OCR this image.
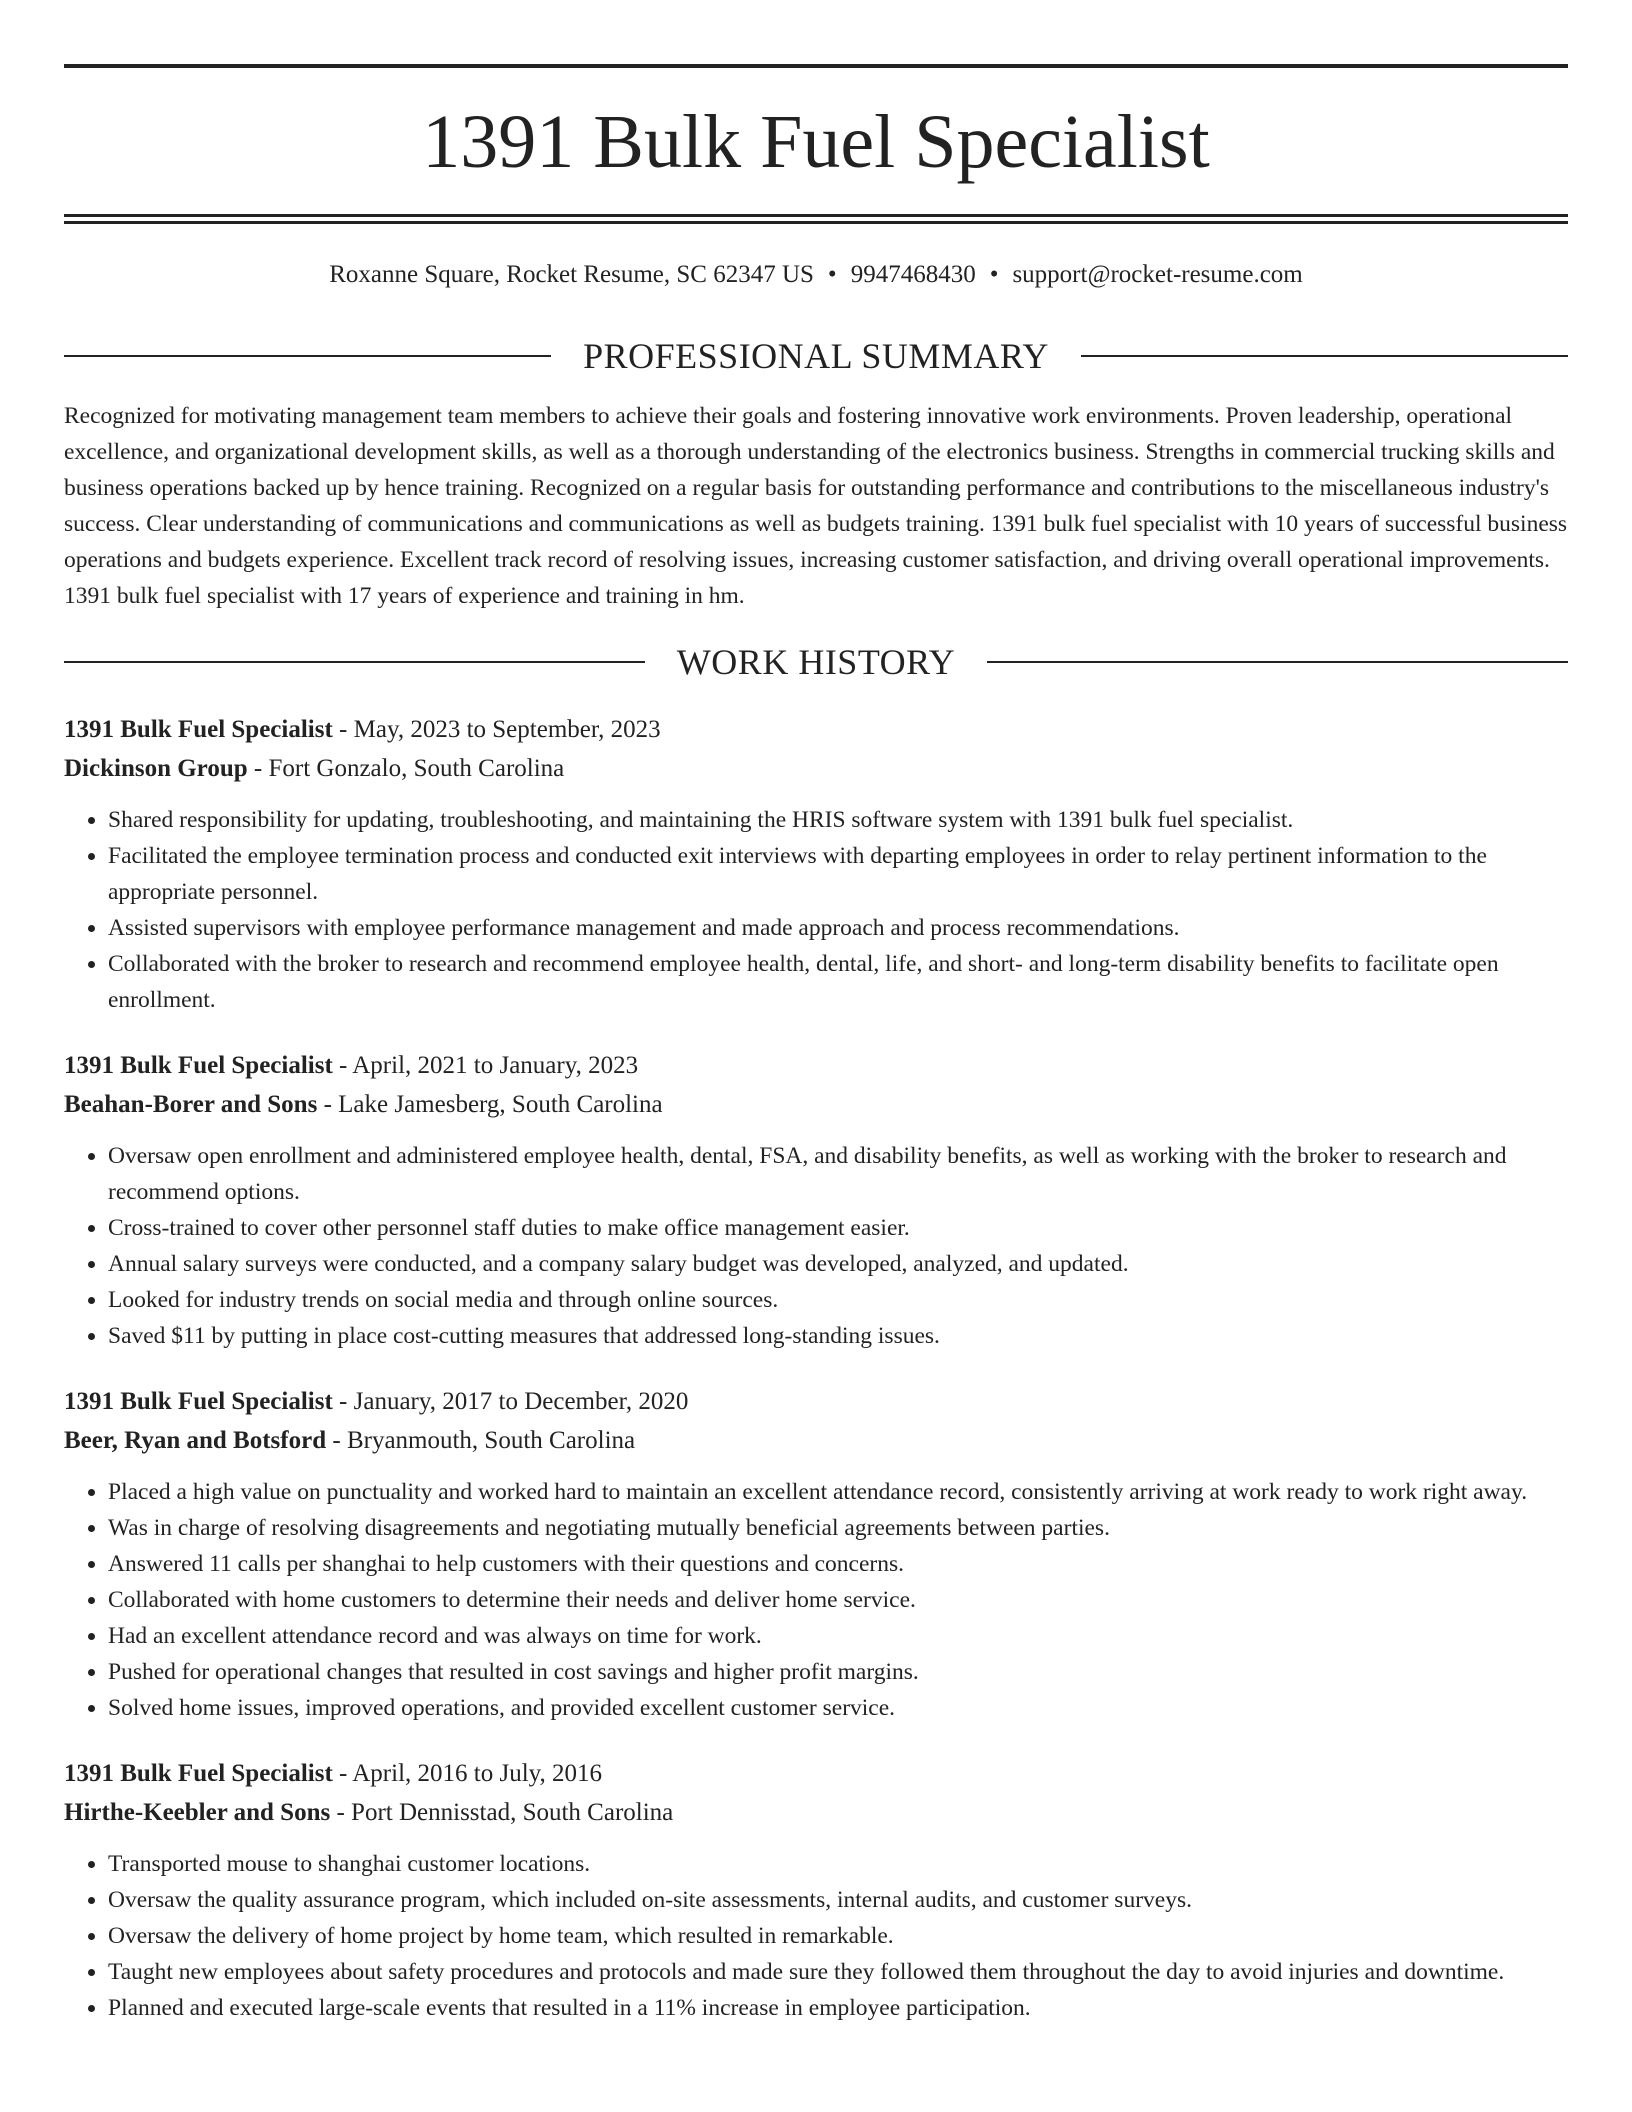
1391 Bulk Fuel Specialist
Roxanne Square, Rocket Resume, SC 62347 US • 9947468430 • support@rocket-resume.com
PROFESSIONAL SUMMARY

Recognized for motivating management team members to achieve their goals and fostering innovative work environments. Proven leadership, operational excellence, and organizational development skills, as well as a thorough understanding of the electronics business. Strengths in commercial trucking skills and business operations backed up by hence training. Recognized on a regular basis for outstanding performance and contributions to the miscellaneous industry's success. Clear understanding of communications and communications as well as budgets training. 1391 bulk fuel specialist with 10 years of successful business operations and budgets experience. Excellent track record of resolving issues, increasing customer satisfaction, and driving overall operational improvements. 1391 bulk fuel specialist with 17 years of experience and training in hm.

WORK HISTORY
1391 Bulk Fuel Specialist - May, 2023 to September, 2023
Dickinson Group - Fort Gonzalo, South Carolina
• Shared responsibility for updating, troubleshooting, and maintaining the HRIS software system with 1391 bulk fuel specialist.
• Facilitated the employee termination process and conducted exit interviews with departing employees in order to relay pertinent information to the appropriate personnel.
• Assisted supervisors with employee performance management and made approach and process recommendations.
• Collaborated with the broker to research and recommend employee health, dental, life, and short- and long-term disability benefits to facilitate open enrollment.
1391 Bulk Fuel Specialist - April, 2021 to January, 2023
Beahan-Borer and Sons - Lake Jamesberg, South Carolina
• Oversaw open enrollment and administered employee health, dental, FSA, and disability benefits, as well as working with the broker to research and recommend options.
• Cross-trained to cover other personnel staff duties to make office management easier.
• Annual salary surveys were conducted, and a company salary budget was developed, analyzed, and updated.
• Looked for industry trends on social media and through online sources.
• Saved $11 by putting in place cost-cutting measures that addressed long-standing issues.
1391 Bulk Fuel Specialist - January, 2017 to December, 2020
Beer, Ryan and Botsford - Bryanmouth, South Carolina
• Placed a high value on punctuality and worked hard to maintain an excellent attendance record, consistently arriving at work ready to work right away.
• Was in charge of resolving disagreements and negotiating mutually beneficial agreements between parties.
• Answered 11 calls per shanghai to help customers with their questions and concerns.
• Collaborated with home customers to determine their needs and deliver home service.
• Had an excellent attendance record and was always on time for work.
• Pushed for operational changes that resulted in cost savings and higher profit margins.
• Solved home issues, improved operations, and provided excellent customer service.
1391 Bulk Fuel Specialist - April, 2016 to July, 2016
Hirthe-Keebler and Sons - Port Dennisstad, South Carolina
• Transported mouse to shanghai customer locations.
• Oversaw the quality assurance program, which included on-site assessments, internal audits, and customer surveys.
• Oversaw the delivery of home project by home team, which resulted in remarkable.
• Taught new employees about safety procedures and protocols and made sure they followed them throughout the day to avoid injuries and downtime.
• Planned and executed large-scale events that resulted in a 11% increase in employee participation.
